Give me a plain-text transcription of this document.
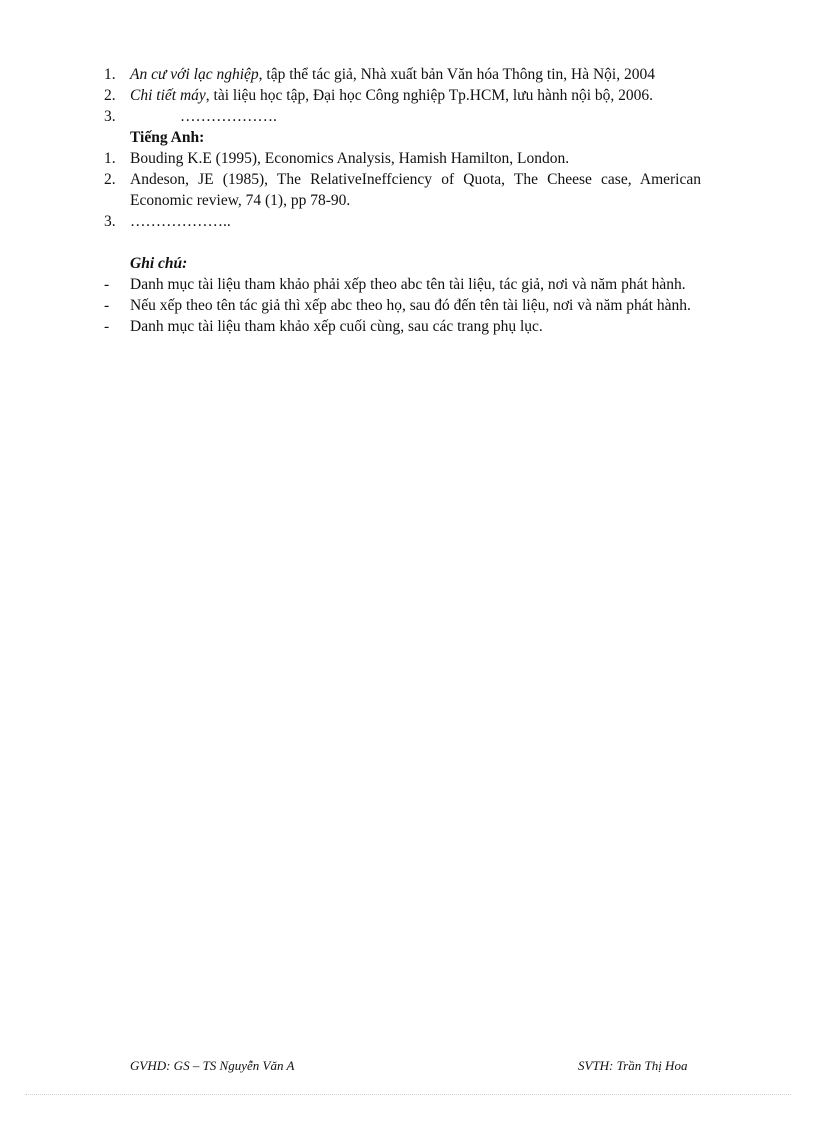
1. An cư với lạc nghiệp, tập thể tác giả, Nhà xuất bản Văn hóa Thông tin, Hà Nội, 2004
2. Chi tiết máy, tài liệu học tập, Đại học Công nghiệp Tp.HCM, lưu hành nội bộ, 2006.
3.	……………….
Tiếng Anh:
1. Bouding K.E (1995), Economics Analysis, Hamish Hamilton, London.
2. Andeson, JE (1985), The RelativeIneffciency of Quota, The Cheese case, American Economic review, 74 (1), pp 78-90.
3. ………………..
Ghi chú:
-	Danh mục tài liệu tham khảo phải xếp theo abc tên tài liệu, tác giả, nơi và năm phát hành.
-	Nếu xếp theo tên tác giả thì xếp abc theo họ, sau đó đến tên tài liệu, nơi và năm phát hành.
-	Danh mục tài liệu tham khảo xếp cuối cùng, sau các trang phụ lục.
GVHD: GS – TS Nguyễn Văn A	SVTH: Trần Thị Hoa
